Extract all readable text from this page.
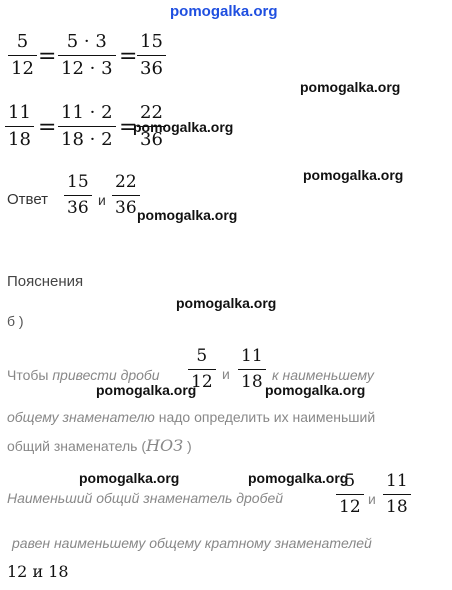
pomogalka.org
pomogalka.org
pomogalka.org
pomogalka.org
5
12 =
5 · 3
12 · 3 =
15
36
11
18 =
11 · 2
18 · 2 =
22
36
pomogalka.org
Ответ
15
36 и
22
36 pomogalka.org
Пояснения
б )
Чтобы привести дроби
5
12 и
11
18 к наименьшему
pomogalka.org	pomogalka.org
общему знаменателю надо определить их наименьший
общий знаменатель (НОЗ )
pomogalka.org	pomogalka.org
Наименьший общий знаменатель дробей
5
12 и
11
18
равен наименьшему общему кратному знаменателей
12 и 18
